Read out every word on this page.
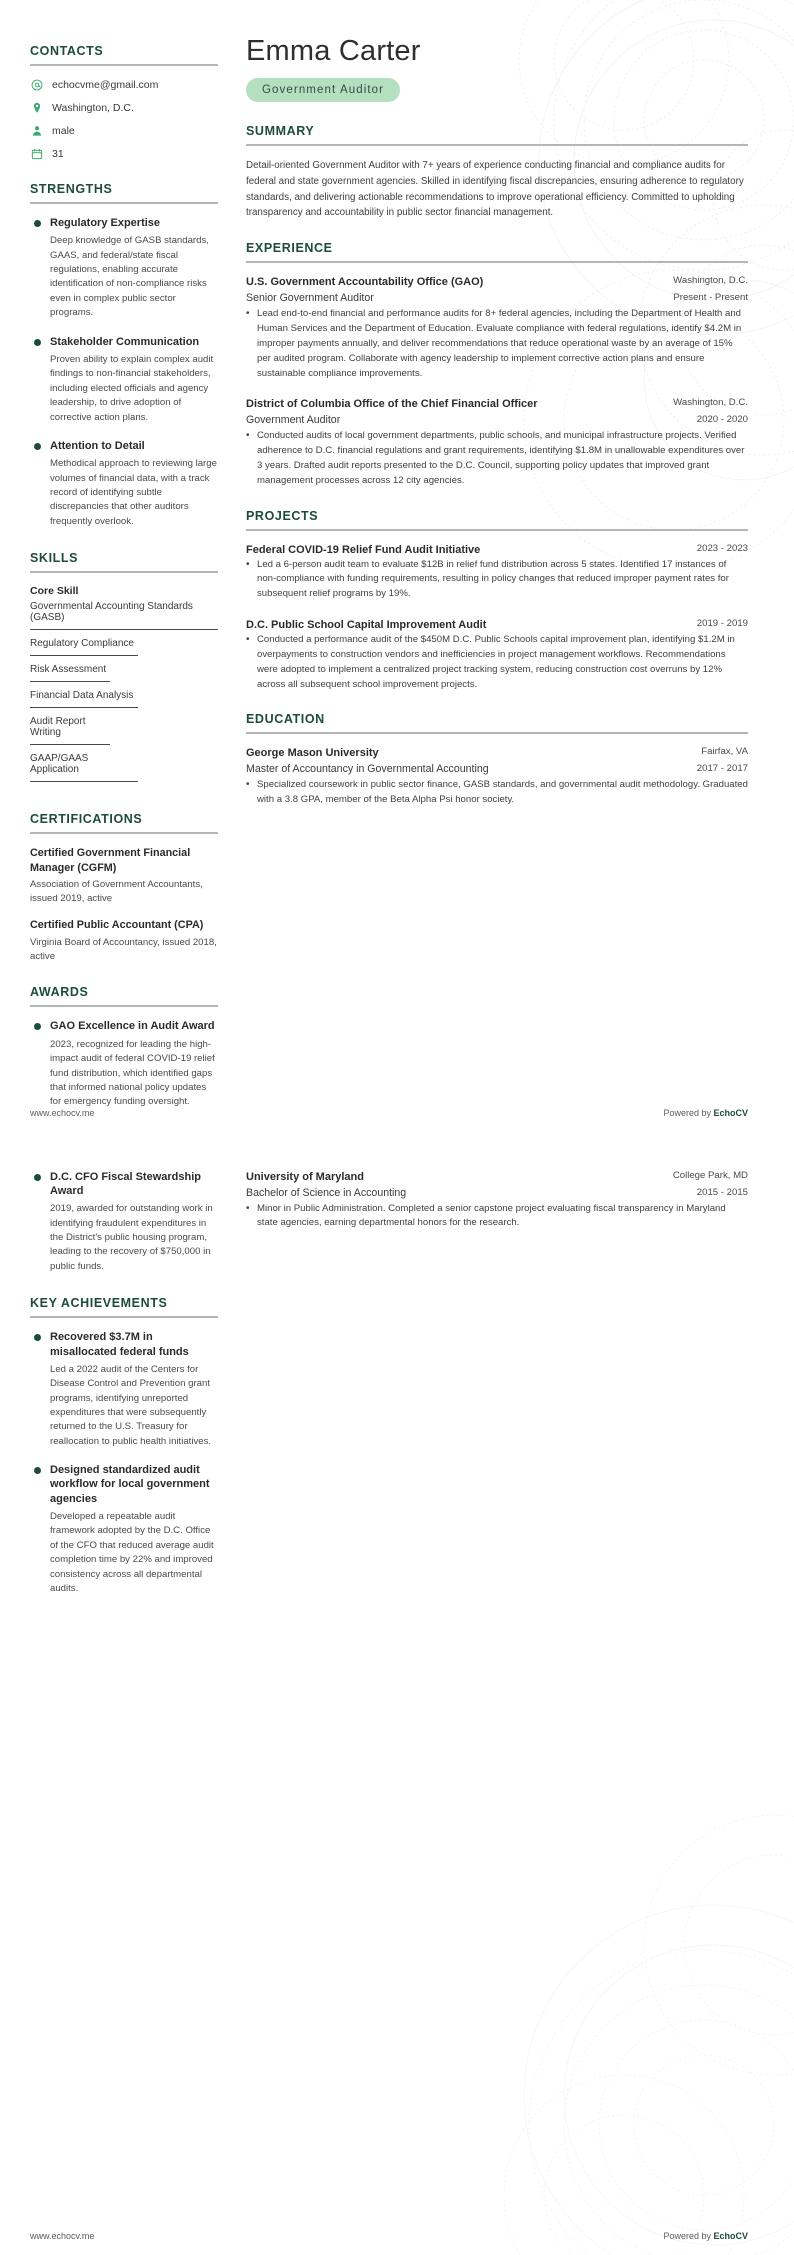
CONTACTS
echocvme@gmail.com
Washington, D.C.
male
31
STRENGTHS
Regulatory Expertise
Deep knowledge of GASB standards, GAAS, and federal/state fiscal regulations, enabling accurate identification of non-compliance risks even in complex public sector programs.
Stakeholder Communication
Proven ability to explain complex audit findings to non-financial stakeholders, including elected officials and agency leadership, to drive adoption of corrective action plans.
Attention to Detail
Methodical approach to reviewing large volumes of financial data, with a track record of identifying subtle discrepancies that other auditors frequently overlook.
SKILLS
Core Skill
Governmental Accounting Standards (GASB)
Regulatory Compliance
Risk Assessment
Financial Data Analysis
Audit Report Writing
GAAP/GAAS Application
CERTIFICATIONS
Certified Government Financial Manager (CGFM)
Association of Government Accountants, issued 2019, active
Certified Public Accountant (CPA)
Virginia Board of Accountancy, issued 2018, active
AWARDS
GAO Excellence in Audit Award
2023, recognized for leading the high-impact audit of federal COVID-19 relief fund distribution, which identified gaps that informed national policy updates for emergency funding oversight.
Emma Carter
Government Auditor
SUMMARY
Detail-oriented Government Auditor with 7+ years of experience conducting financial and compliance audits for federal and state government agencies. Skilled in identifying fiscal discrepancies, ensuring adherence to regulatory standards, and delivering actionable recommendations to improve operational efficiency. Committed to upholding transparency and accountability in public sector financial management.
EXPERIENCE
U.S. Government Accountability Office (GAO)	Washington, D.C.
Senior Government Auditor	Present - Present
• Lead end-to-end financial and performance audits for 8+ federal agencies, including the Department of Health and Human Services and the Department of Education. Evaluate compliance with federal regulations, identify $4.2M in improper payments annually, and deliver recommendations that reduce operational waste by an average of 15% per audited program. Collaborate with agency leadership to implement corrective action plans and ensure sustainable compliance improvements.
District of Columbia Office of the Chief Financial Officer	Washington, D.C.
Government Auditor	2020 - 2020
• Conducted audits of local government departments, public schools, and municipal infrastructure projects. Verified adherence to D.C. financial regulations and grant requirements, identifying $1.8M in unallowable expenditures over 3 years. Drafted audit reports presented to the D.C. Council, supporting policy updates that improved grant management processes across 12 city agencies.
PROJECTS
Federal COVID-19 Relief Fund Audit Initiative	2023 - 2023
• Led a 6-person audit team to evaluate $12B in relief fund distribution across 5 states. Identified 17 instances of non-compliance with funding requirements, resulting in policy changes that reduced improper payment rates for subsequent relief programs by 19%.
D.C. Public School Capital Improvement Audit	2019 - 2019
• Conducted a performance audit of the $450M D.C. Public Schools capital improvement plan, identifying $1.2M in overpayments to construction vendors and inefficiencies in project management workflows. Recommendations were adopted to implement a centralized project tracking system, reducing construction cost overruns by 12% across all subsequent school improvement projects.
EDUCATION
George Mason University	Fairfax, VA
Master of Accountancy in Governmental Accounting	2017 - 2017
• Specialized coursework in public sector finance, GASB standards, and governmental audit methodology. Graduated with a 3.8 GPA, member of the Beta Alpha Psi honor society.
www.echocv.me	Powered by EchoCV
D.C. CFO Fiscal Stewardship Award
2019, awarded for outstanding work in identifying fraudulent expenditures in the District's public housing program, leading to the recovery of $750,000 in public funds.
KEY ACHIEVEMENTS
Recovered $3.7M in misallocated federal funds
Led a 2022 audit of the Centers for Disease Control and Prevention grant programs, identifying unreported expenditures that were subsequently returned to the U.S. Treasury for reallocation to public health initiatives.
Designed standardized audit workflow for local government agencies
Developed a repeatable audit framework adopted by the D.C. Office of the CFO that reduced average audit completion time by 22% and improved consistency across all departmental audits.
University of Maryland	College Park, MD
Bachelor of Science in Accounting	2015 - 2015
• Minor in Public Administration. Completed a senior capstone project evaluating fiscal transparency in Maryland state agencies, earning departmental honors for the research.
www.echocv.me	Powered by EchoCV
